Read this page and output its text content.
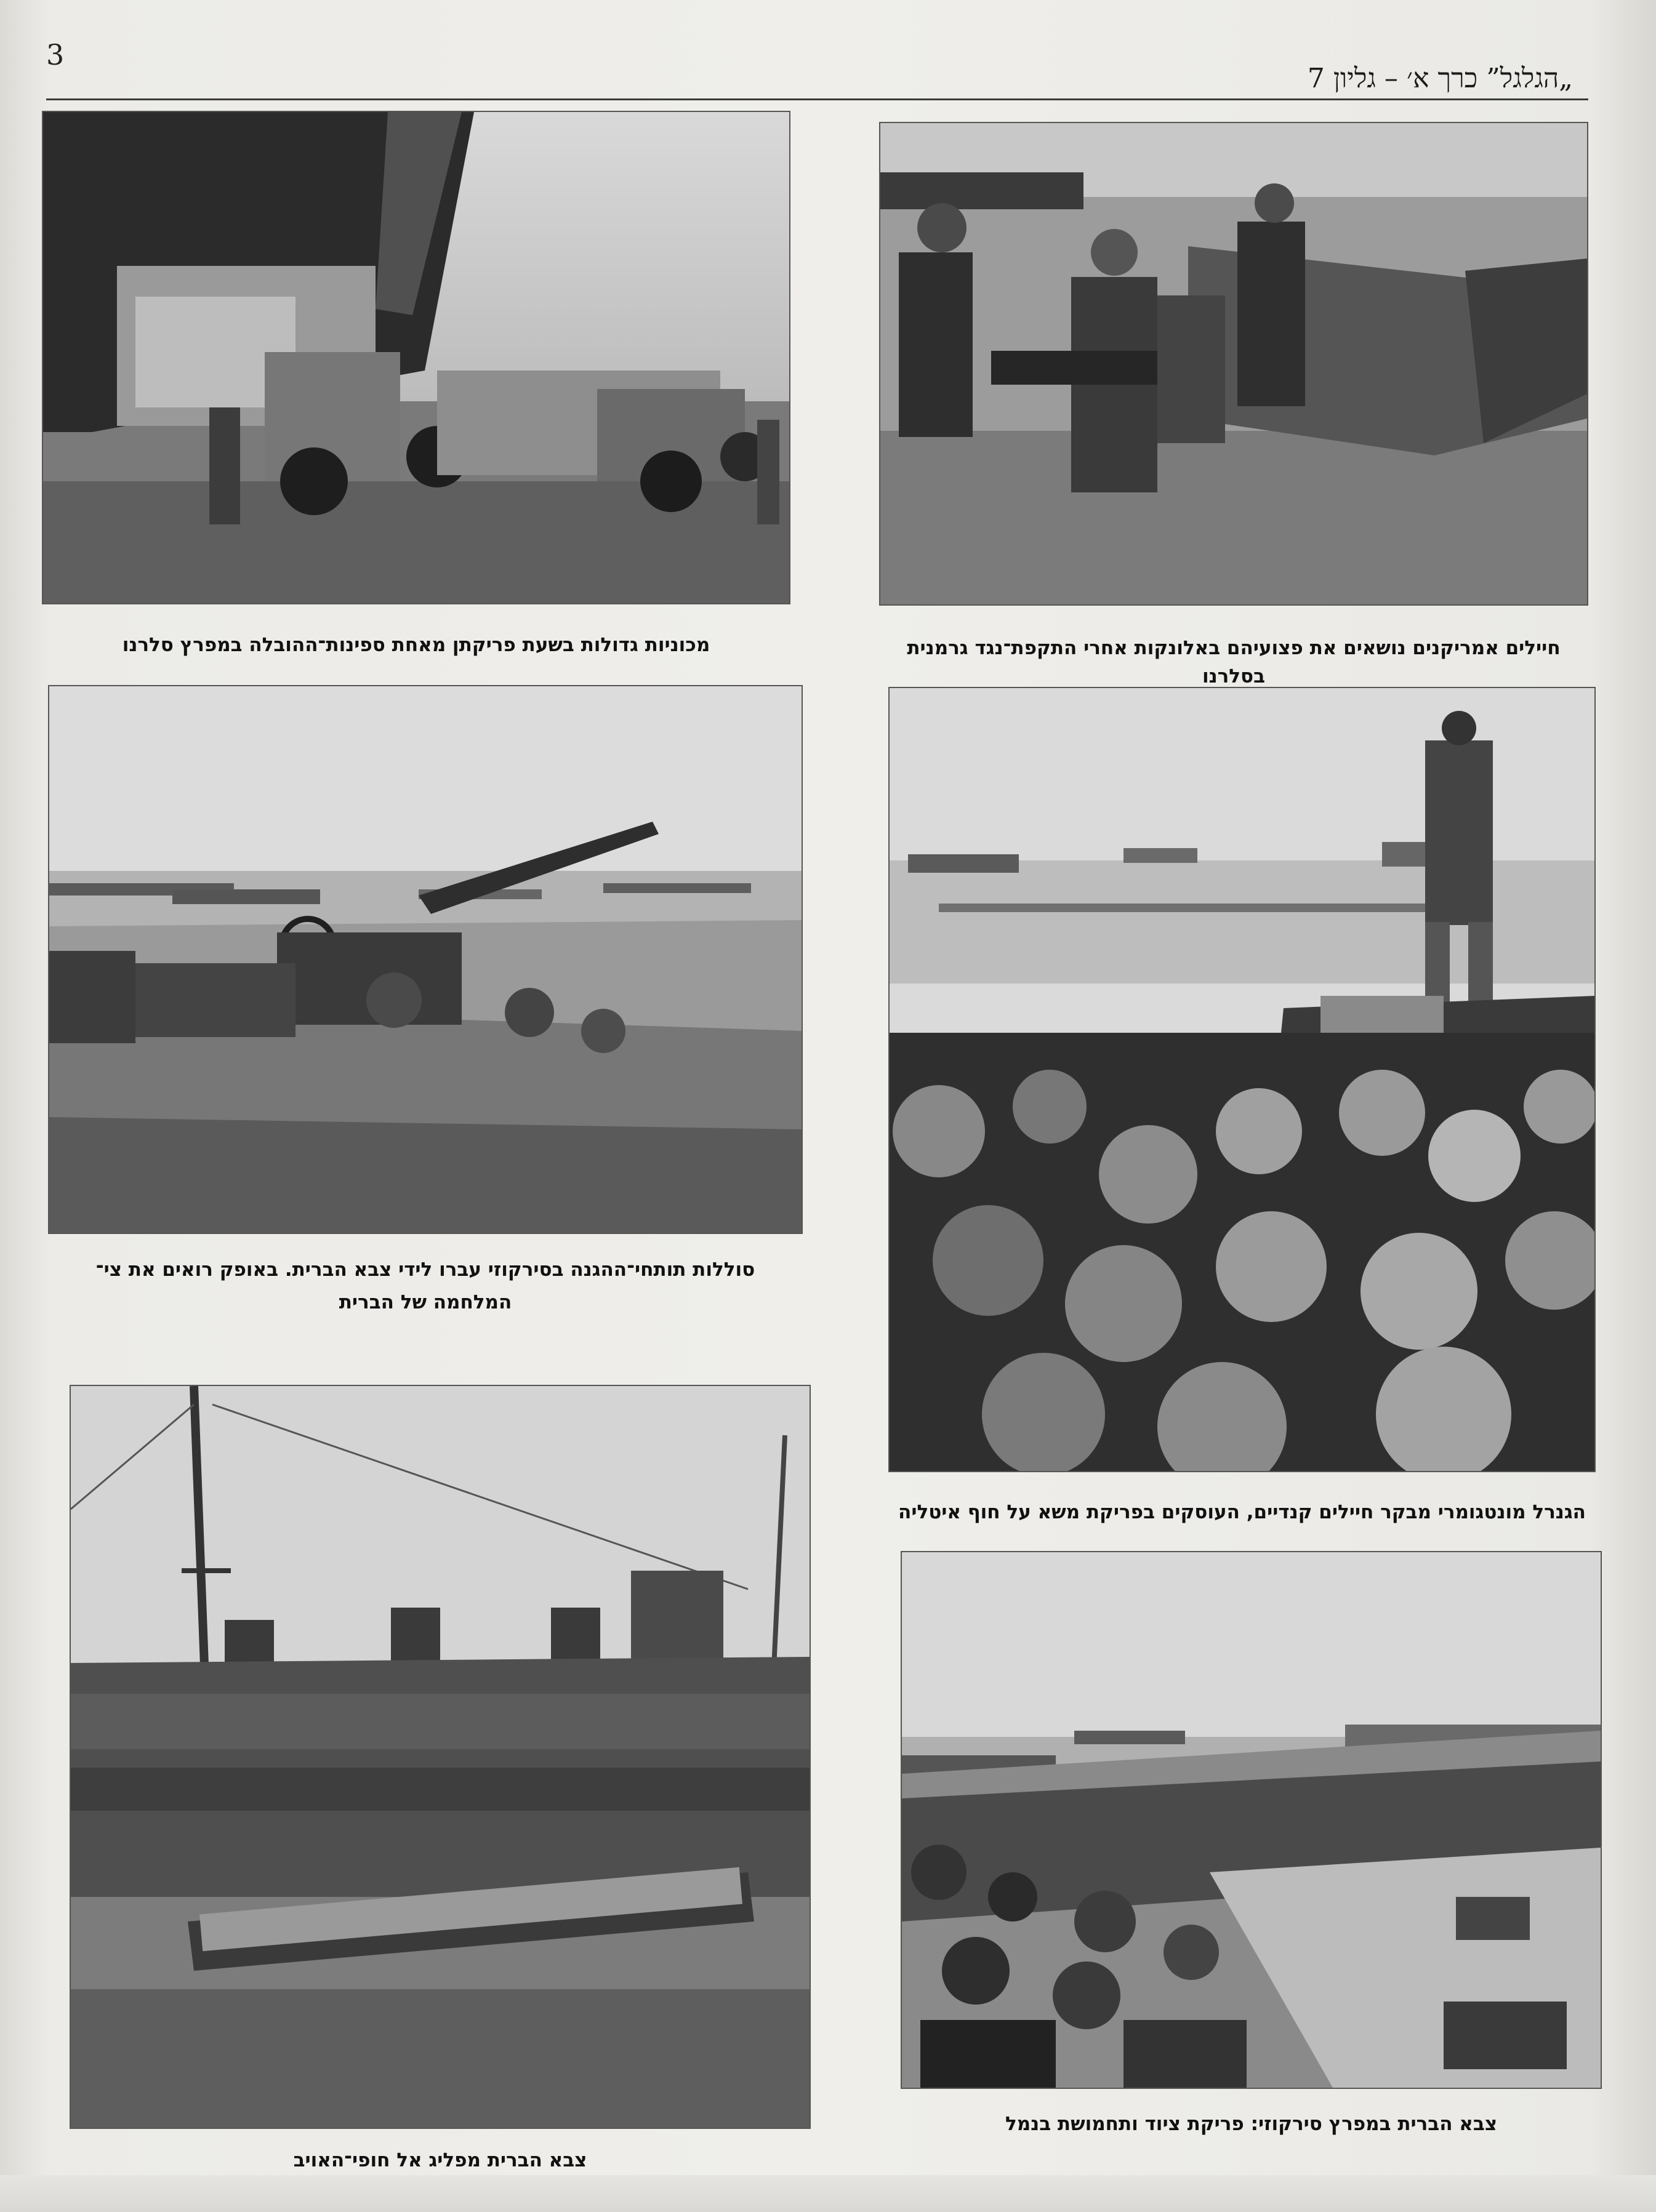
3
„הגלגל” כרך א׳ – גליון 7
מכוניות גדולות בשעת פריקתן מאחת ספינות־ההובלה במפרץ סלרנו	חיילים אמריקנים נושאים את פצועיהם באלונקות אחרי התקפת־נגד גרמנית בסלרנו
סוללות תותחי־ההגנה בסירקוזי עברו לידי צבא הברית. באופק רואים את צי־
המלחמה של הברית
הגנרל מונטגומרי מבקר חיילים קנדיים, העוסקים בפריקת משא על חוף איטליה
צבא הברית מפליג אל חופי־האויב
צבא הברית במפרץ סירקוזי: פריקת ציוד ותחמושת בנמל
